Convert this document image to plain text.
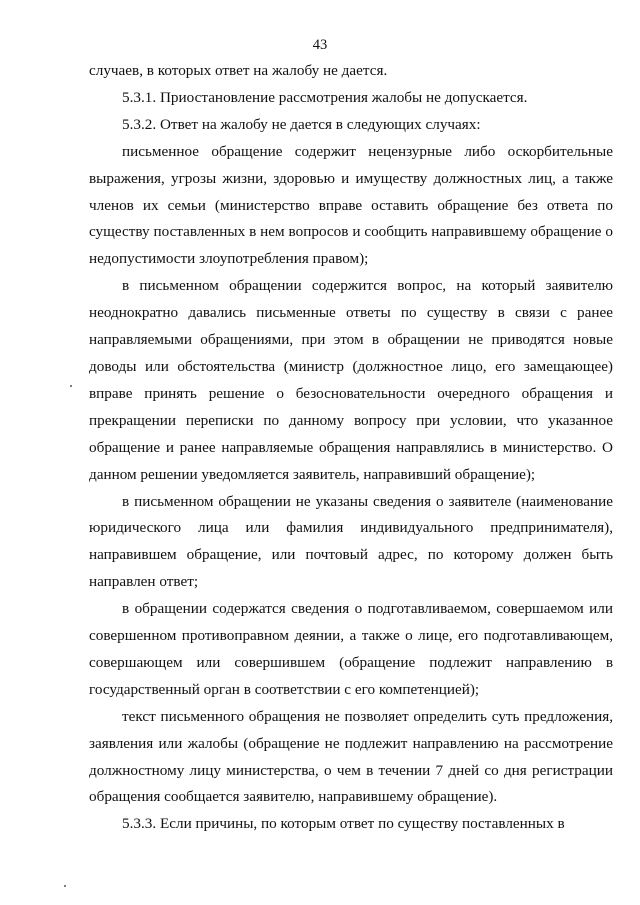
43

случаев, в которых ответ на жалобу не дается.

5.3.1. Приостановление рассмотрения жалобы не допускается.

5.3.2. Ответ на жалобу не дается в следующих случаях:

письменное обращение содержит нецензурные либо оскорбительные выражения, угрозы жизни, здоровью и имуществу должностных лиц, а также членов их семьи (министерство вправе оставить обращение без ответа по существу поставленных в нем вопросов и сообщить направившему обращение о недопустимости злоупотребления правом);

в письменном обращении содержится вопрос, на который заявителю неоднократно давались письменные ответы по существу в связи с ранее направляемыми обращениями, при этом в обращении не приводятся новые доводы или обстоятельства (министр (должностное лицо, его замещающее) вправе принять решение о безосновательности очередного обращения и прекращении переписки по данному вопросу при условии, что указанное обращение и ранее направляемые обращения направлялись в министерство. О данном решении уведомляется заявитель, направивший обращение);

в письменном обращении не указаны сведения о заявителе (наименование юридического лица или фамилия индивидуального предпринимателя), направившем обращение, или почтовый адрес, по которому должен быть направлен ответ;

в обращении содержатся сведения о подготавливаемом, совершаемом или совершенном противоправном деянии, а также о лице, его подготавливающем, совершающем или совершившем (обращение подлежит направлению в государственный орган в соответствии с его компетенцией);

текст письменного обращения не позволяет определить суть предложения, заявления или жалобы (обращение не подлежит направлению на рассмотрение должностному лицу министерства, о чем в течении 7 дней со дня регистрации обращения сообщается заявителю, направившему обращение).

5.3.3. Если причины, по которым ответ по существу поставленных в
